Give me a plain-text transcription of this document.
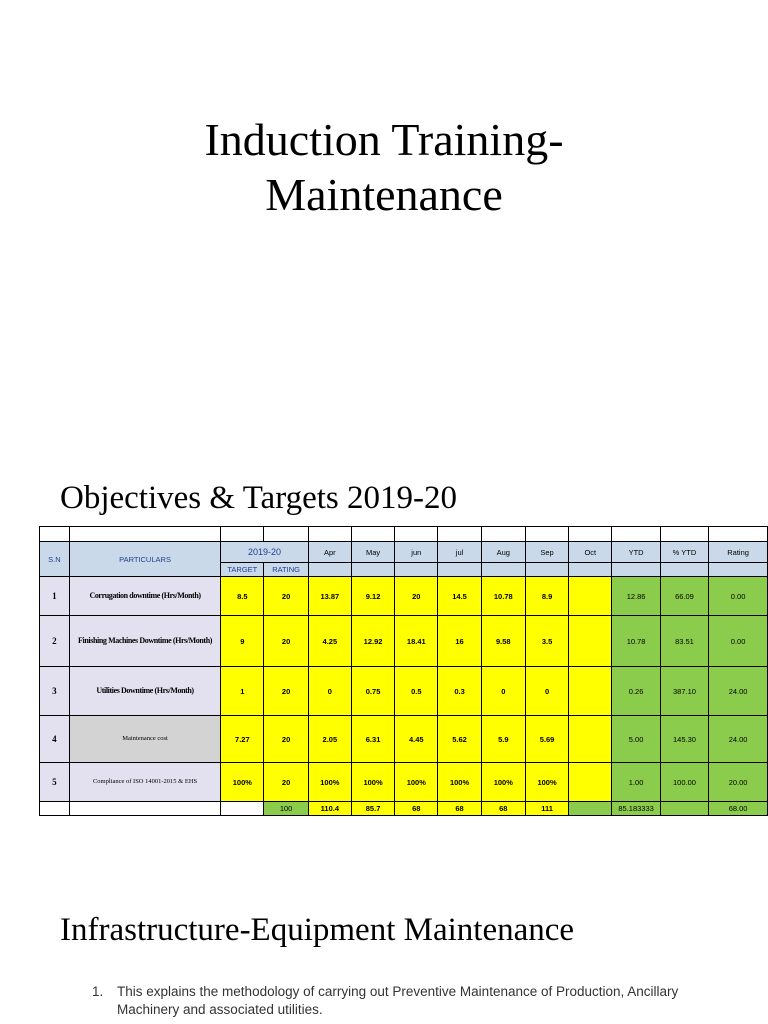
Induction Training-
Maintenance
Objectives & Targets 2019-20

S.N	PARTICULARS	2019-20		Apr	May	jun	jul	Aug	Sep	Oct	YTD	% YTD	Rating
		TARGET	RATING										
1	Corrugation downtime (Hrs/Month)	8.5	20	13.87	9.12	20	14.5	10.78	8.9		12.86	66.09	0.00
2	Finishing Machines Downtime (Hrs/Month)	9	20	4.25	12.92	18.41	16	9.58	3.5		10.78	83.51	0.00
3	Utilities Downtime (Hrs/Month)	1	20	0	0.75	0.5	0.3	0	0		0.26	387.10	24.00
4	Maintenance cost	7.27	20	2.05	6.31	4.45	5.62	5.9	5.69		5.00	145.30	24.00
5	Compliance of ISO 14001-2015 & EHS	100%	20	100%	100%	100%	100%	100%	100%		1.00	100.00	20.00
			100	110.4	85.7	68	68	68	111		85.183333		68.00
Infrastructure-Equipment Maintenance
1. This explains the methodology of carrying out Preventive Maintenance of Production, Ancillary Machinery and associated utilities.
